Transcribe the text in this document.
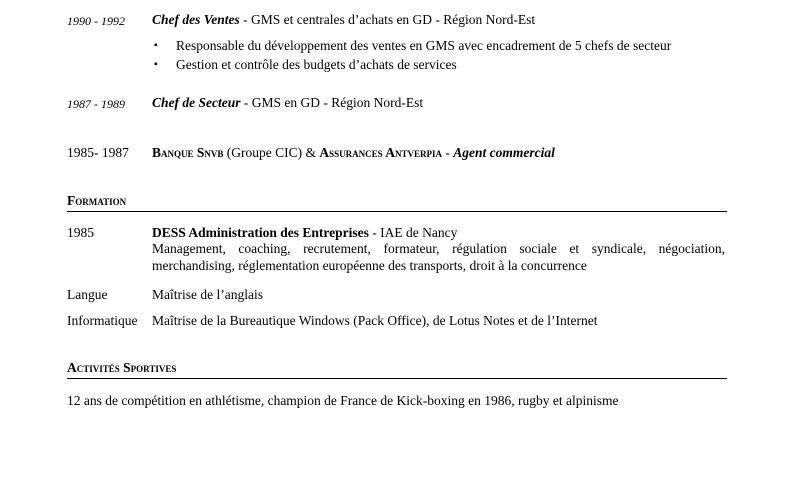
1990 - 1992 Chef des Ventes - GMS et centrales d’achats en GD - Région Nord-Est
▪ Responsable du développement des ventes en GMS avec encadrement de 5 chefs de secteur
▪ Gestion et contrôle des budgets d’achats de services
1987 - 1989 Chef de Secteur - GMS en GD - Région Nord-Est
1985- 1987 Banque Snvb (Groupe CIC) & Assurances Antverpia - Agent commercial
Formation
1985	DESS Administration des Entreprises - IAE de Nancy
Management, coaching, recrutement, formateur, régulation sociale et syndicale, négociation,
merchandising, réglementation européenne des transports, droit à la concurrence
Langue	Maîtrise de l’anglais
Informatique Maîtrise de la Bureautique Windows (Pack Office), de Lotus Notes et de l’Internet
Activités Sportives
12 ans de compétition en athlétisme, champion de France de Kick-boxing en 1986, rugby et alpinisme
